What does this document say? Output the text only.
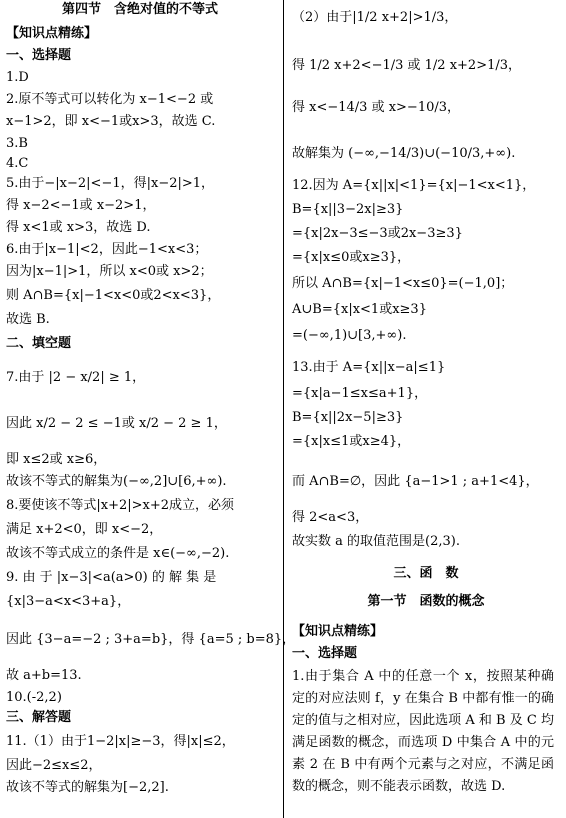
第四节　含绝对值的不等式
【知识点精练】
一、选择题
1.D
2.原不等式可以转化为 x−1<−2 或
x−1>2，即 x<−1或x>3，故选 C.
3.B
4.C
5.由于−|x−2|<−1，得|x−2|>1，
得 x−2<−1或 x−2>1，
得 x<1或 x>3，故选 D.
6.由于|x−1|<2，因此−1<x<3；
因为|x−1|>1，所以 x<0或 x>2；
则 A∩B={x|−1<x<0或2<x<3}，
故选 B.
二、填空题
7.由于 |2 − x/2| ≥ 1，
因此 x/2 − 2 ≤ −1或 x/2 − 2 ≥ 1，
即 x≤2或 x≥6，
故该不等式的解集为(−∞,2]∪[6,+∞).
8.要使该不等式|x+2|>x+2成立，必须
满足 x+2<0，即 x<−2，
故该不等式成立的条件是 x∈(−∞,−2).
9. 由 于 |x−3|<a(a>0) 的 解 集 是
{x|3−a<x<3+a}，
因此 {3−a=−2 ; 3+a=b}，得 {a=5 ; b=8}，
故 a+b=13.
10.(-2,2)
三、解答题
11.（1）由于1−2|x|≥−3，得|x|≤2，
因此−2≤x≤2，
故该不等式的解集为[−2,2].
（2）由于|1/2 x+2|>1/3，
得 1/2 x+2<−1/3 或 1/2 x+2>1/3，
得 x<−14/3 或 x>−10/3，
故解集为 (−∞,−14/3)∪(−10/3,+∞).
12.因为 A={x||x|<1}={x|−1<x<1}，
B={x||3−2x|≥3}
={x|2x−3≤−3或2x−3≥3}
={x|x≤0或x≥3}，
所以 A∩B={x|−1<x≤0}=(−1,0]；
A∪B={x|x<1或x≥3}
=(−∞,1)∪[3,+∞).
13.由于 A={x||x−a|≤1}
={x|a−1≤x≤a+1}，
B={x||2x−5|≥3}
={x|x≤1或x≥4}，
而 A∩B=∅，因此 {a−1>1 ; a+1<4}，
得 2<a<3，
故实数 a 的取值范围是(2,3).
三、函　数
第一节　函数的概念
【知识点精练】
一、选择题
1.由于集合 A 中的任意一个 x，按照某种确定的对应法则 f，y 在集合 B 中都有惟一的确定的值与之相对应，因此选项 A 和 B 及 C 均满足函数的概念，而选项 D 中集合 A 中的元素 2 在 B 中有两个元素与之对应，不满足函数的概念，则不能表示函数，故选 D.
